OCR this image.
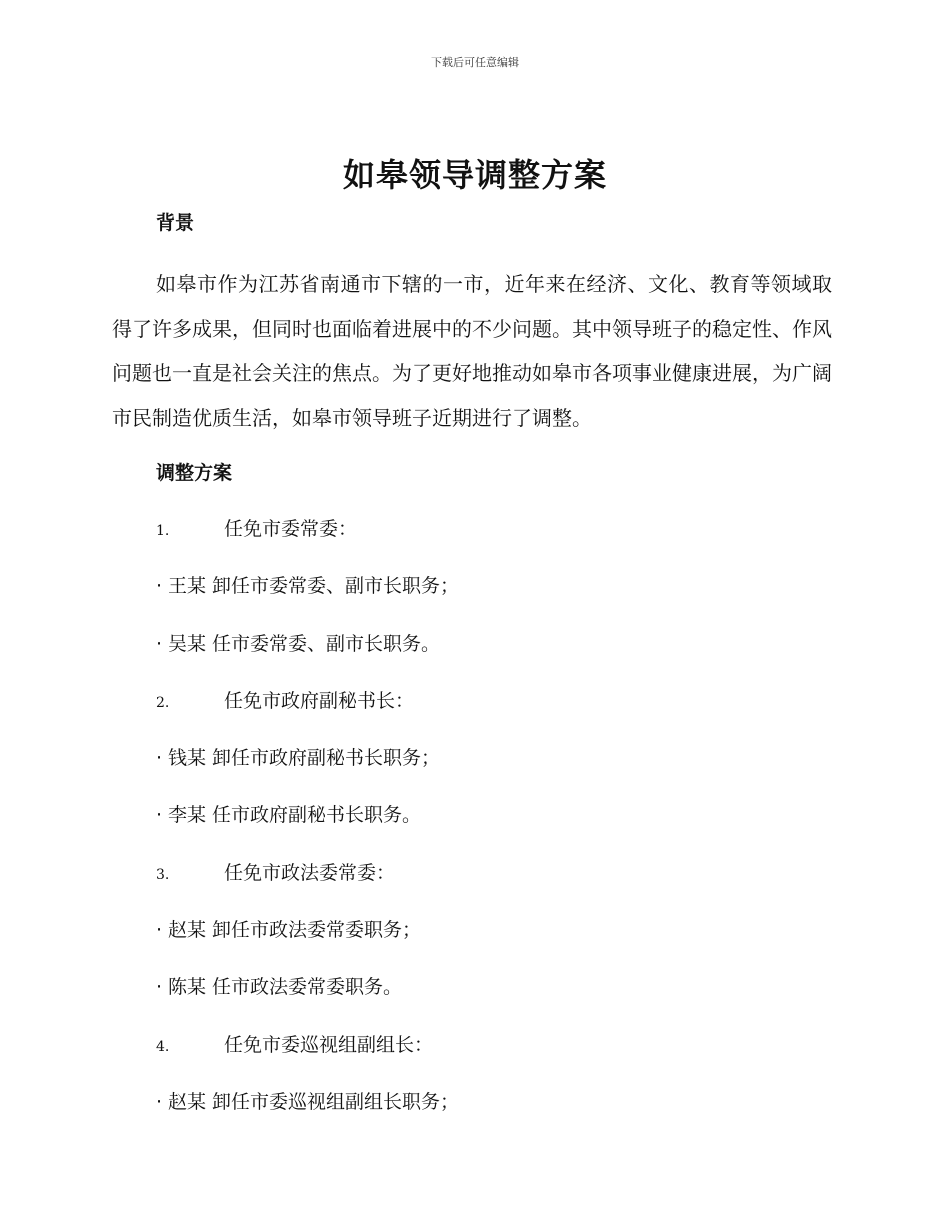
下载后可任意编辑
如皋领导调整方案
背景
如皋市作为江苏省南通市下辖的一市，近年来在经济、文化、教育等领域取得了许多成果，但同时也面临着进展中的不少问题。其中领导班子的稳定性、作风问题也一直是社会关注的焦点。为了更好地推动如皋市各项事业健康进展，为广阔市民制造优质生活，如皋市领导班子近期进行了调整。
调整方案
1.	任免市委常委：
· 王某 卸任市委常委、副市长职务；
· 吴某 任市委常委、副市长职务。
2.	任免市政府副秘书长：
· 钱某 卸任市政府副秘书长职务；
· 李某 任市政府副秘书长职务。
3.	任免市政法委常委：
· 赵某 卸任市政法委常委职务；
· 陈某 任市政法委常委职务。
4.	任免市委巡视组副组长：
· 赵某 卸任市委巡视组副组长职务；
